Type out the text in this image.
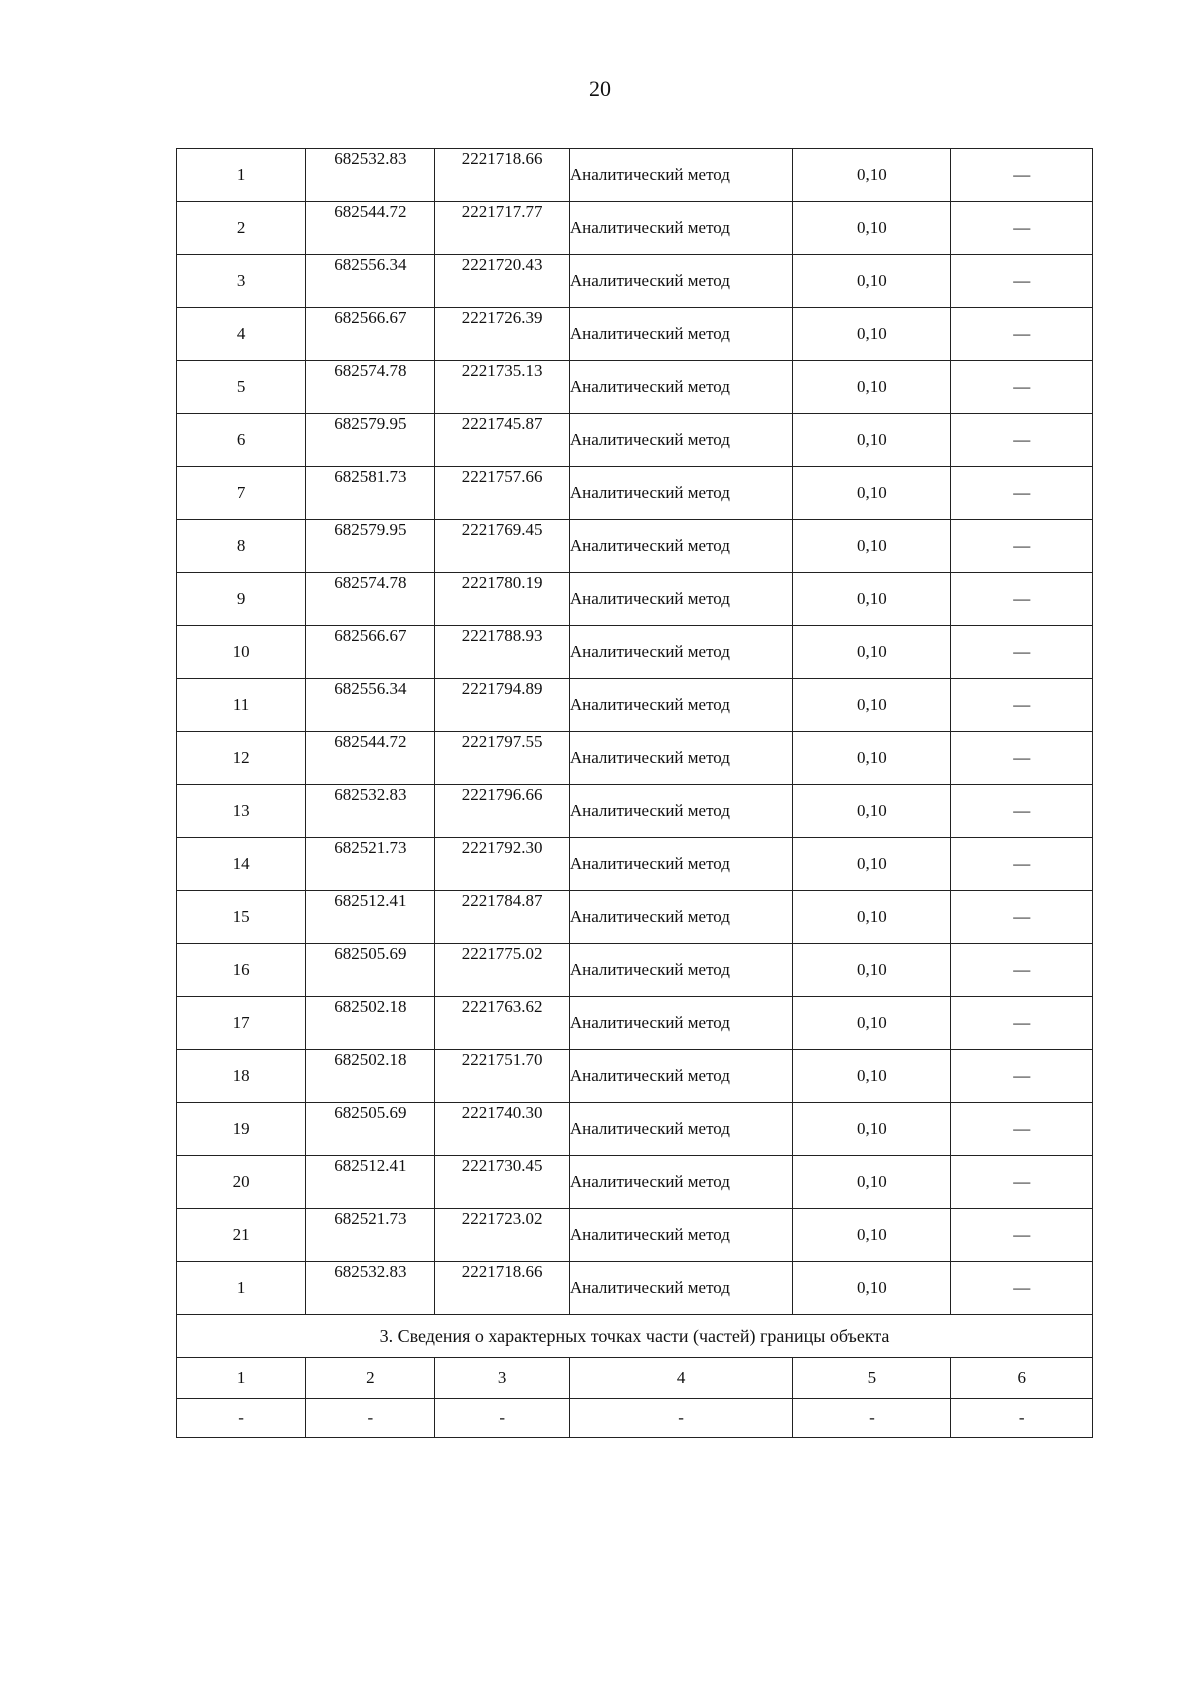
20
1	682532.83	2221718.66	Аналитический метод	0,10	—
2	682544.72	2221717.77	Аналитический метод	0,10	—
3	682556.34	2221720.43	Аналитический метод	0,10	—
4	682566.67	2221726.39	Аналитический метод	0,10	—
5	682574.78	2221735.13	Аналитический метод	0,10	—
6	682579.95	2221745.87	Аналитический метод	0,10	—
7	682581.73	2221757.66	Аналитический метод	0,10	—
8	682579.95	2221769.45	Аналитический метод	0,10	—
9	682574.78	2221780.19	Аналитический метод	0,10	—
10	682566.67	2221788.93	Аналитический метод	0,10	—
11	682556.34	2221794.89	Аналитический метод	0,10	—
12	682544.72	2221797.55	Аналитический метод	0,10	—
13	682532.83	2221796.66	Аналитический метод	0,10	—
14	682521.73	2221792.30	Аналитический метод	0,10	—
15	682512.41	2221784.87	Аналитический метод	0,10	—
16	682505.69	2221775.02	Аналитический метод	0,10	—
17	682502.18	2221763.62	Аналитический метод	0,10	—
18	682502.18	2221751.70	Аналитический метод	0,10	—
19	682505.69	2221740.30	Аналитический метод	0,10	—
20	682512.41	2221730.45	Аналитический метод	0,10	—
21	682521.73	2221723.02	Аналитический метод	0,10	—
1	682532.83	2221718.66	Аналитический метод	0,10	—
3. Сведения о характерных точках части (частей) границы объекта					
1	2	3	4	5	6
-	-	-	-	-	-
